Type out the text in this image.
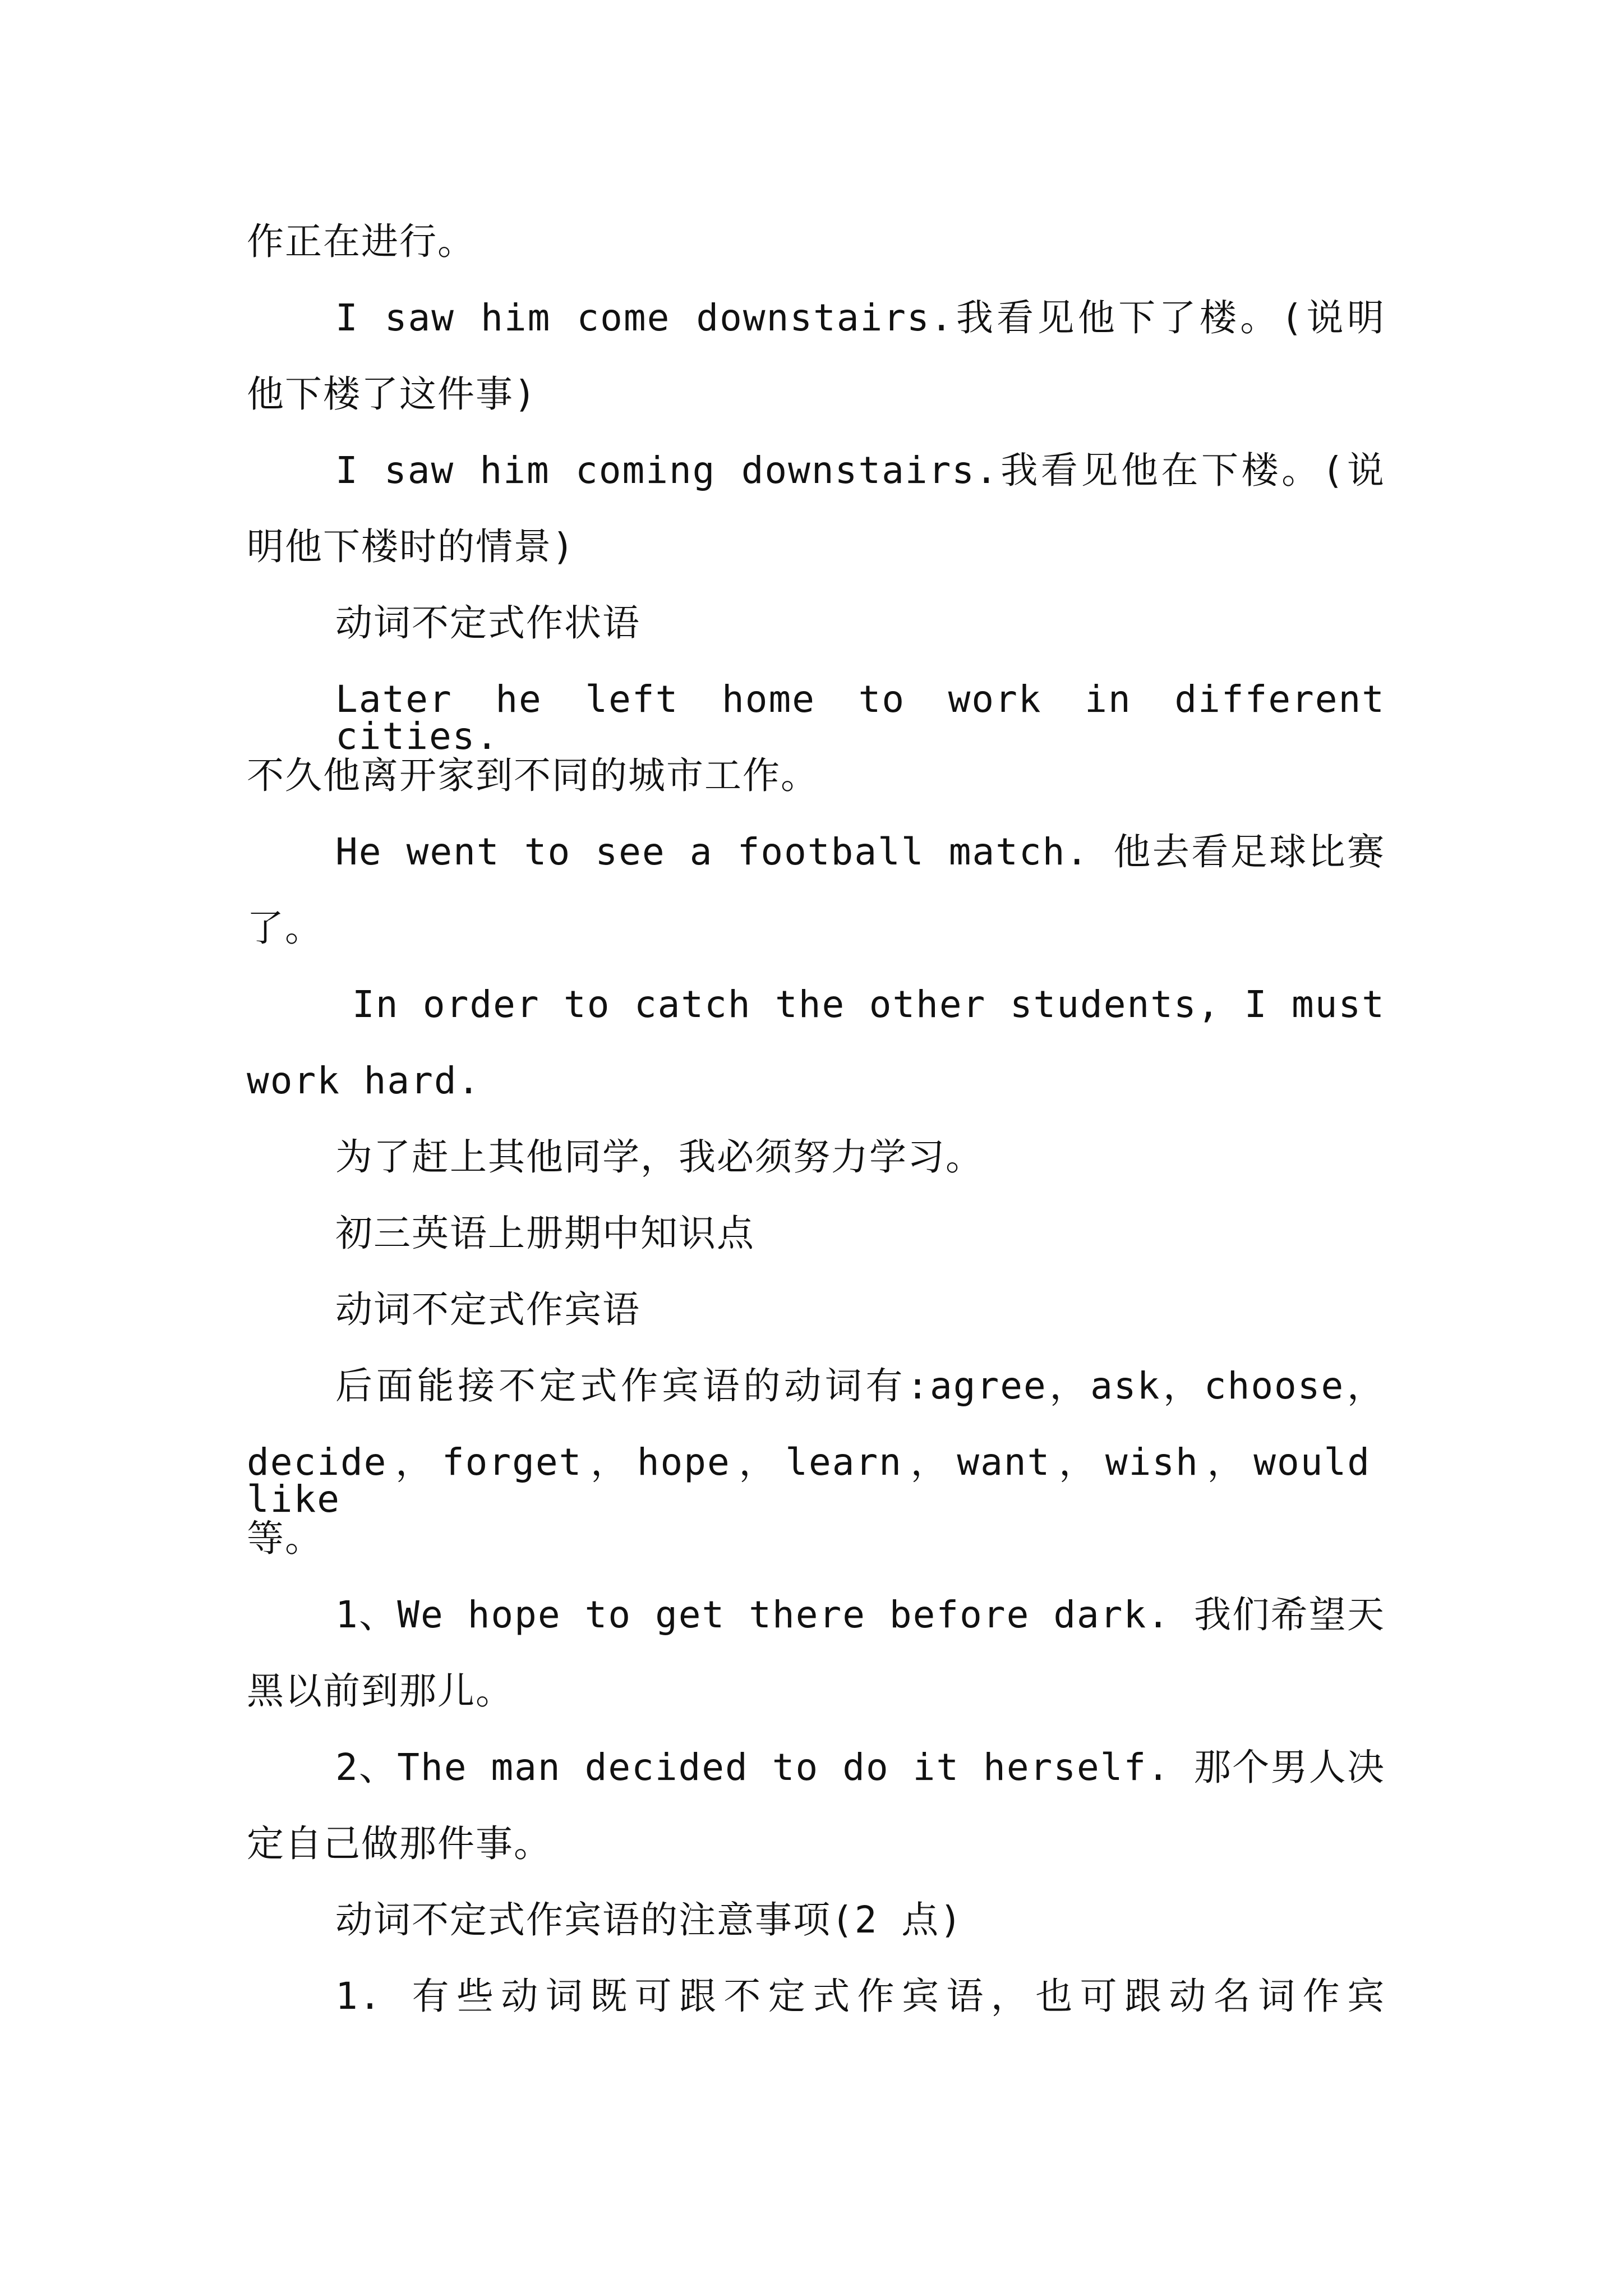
作正在进行。
I saw him come downstairs.我看见他下了楼。(说明
他下楼了这件事)
I saw him coming downstairs.我看见他在下楼。(说
明他下楼时的情景)
动词不定式作状语
Later he left home to work in different cities.
不久他离开家到不同的城市工作。
He went to see a football match. 他去看足球比赛
了。
In order to catch the other students, I must
work hard.
为了赶上其他同学，我必须努力学习。
初三英语上册期中知识点
动词不定式作宾语
后面能接不定式作宾语的动词有:agree，ask，choose，
decide，forget，hope，learn，want，wish，would like
等。
1、We hope to get there before dark. 我们希望天
黑以前到那儿。
2、The man decided to do it herself. 那个男人决
定自己做那件事。
动词不定式作宾语的注意事项(2 点)
1. 有些动词既可跟不定式作宾语，也可跟动名词作宾
